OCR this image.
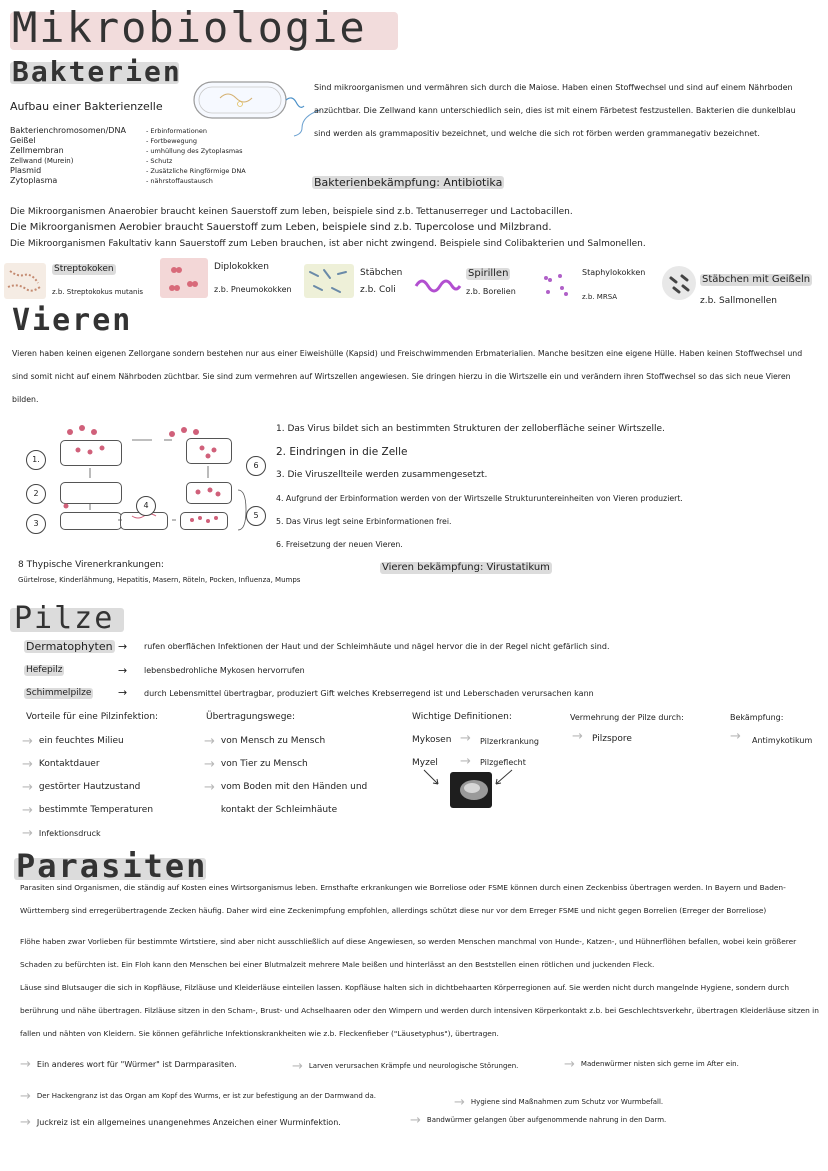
Mikrobiologie
Bakterien
Aufbau einer Bakterienzelle
Bakterienchromosomen/DNA	- Erbinformationen
Geißel	- Fortbewegung
Zellmembran	- umhüllung des Zytoplasmas
Zellwand (Murein)	- Schutz
Plasmid	- Zusätzliche Ringförmige DNA
Zytoplasma	- nährstoffaustausch
Sind mikroorganismen und vermähren sich durch die Maiose. Haben einen Stoffwechsel und sind auf einem Nährboden anzüchtbar. Die Zellwand kann unterschiedlich sein, dies ist mit einem Färbetest festzustellen. Bakterien die dunkelblau sind werden als grammapositiv bezeichnet, und welche die sich rot förben werden grammanegativ bezeichnet.
Bakterienbekämpfung: Antibiotika
Die Mikroorganismen Anaerobier braucht keinen Sauerstoff zum leben, beispiele sind z.b. Tettanuserreger und Lactobacillen.
Die Mikroorganismen Aerobier braucht Sauerstoff zum Leben, beispiele sind z.b. Tupercolose und Milzbrand.
Die Mikroorganismen Fakultativ kann Sauerstoff zum Leben brauchen, ist aber nicht zwingend. Beispiele sind Colibakterien und Salmonellen.
Streptokoken
z.b. Streptokokus mutanis
Diplokokken
z.b. Pneumokokken
Stäbchen
z.b. Coli
Spirillen
z.b. Borelien
Staphylokokken
z.b. MRSA
Stäbchen mit Geißeln
z.b. Sallmonellen
Vieren
Vieren haben keinen eigenen Zellorgane sondern bestehen nur aus einer Eiweishülle (Kapsid) und Freischwimmenden Erbmaterialien. Manche besitzen eine eigene Hülle. Haben keinen Stoffwechsel und sind somit nicht auf einem Nährboden züchtbar. Sie sind zum vermehren auf Wirtszellen angewiesen. Sie dringen hierzu in die Wirtszelle ein und verändern ihren Stoffwechsel so das sich neue Vieren bilden.
1.
2
3
4
5
6
1. Das Virus bildet sich an bestimmten Strukturen der zelloberfläche seiner Wirtszelle.
2. Eindringen in die Zelle
3. Die Viruszellteile werden zusammengesetzt.
4. Aufgrund der Erbinformation werden von der Wirtszelle Strukturuntereinheiten von Vieren produziert.
5. Das Virus legt seine Erbinformationen frei.
6. Freisetzung der neuen Vieren.
8 Thypische Virenerkrankungen:
Gürtelrose, Kinderlähmung, Hepatitis, Masern, Röteln, Pocken, Influenza, Mumps
Vieren bekämpfung: Virustatikum
Pilze
Dermatophyten → rufen oberflächen Infektionen der Haut und der Schleimhäute und nägel hervor die in der Regel nicht gefärlich sind.
Hefepilz	→ lebensbedrohliche Mykosen hervorrufen
Schimmelpilze → durch Lebensmittel übertragbar, produziert Gift welches Krebserregend ist und Leberschaden verursachen kann
Vorteile für eine Pilzinfektion:
→ ein feuchtes Milieu
→ Kontaktdauer
→ gestörter Hautzustand
→ bestimmte Temperaturen
→ Infektionsdruck
Übertragungswege:
→ von Mensch zu Mensch
→ von Tier zu Mensch
→ vom Boden mit den Händen und kontakt der Schleimhäute
Wichtige Definitionen:
Mykosen → Pilzerkrankung
Myzel → Pilzgeflecht
Vermehrung der Pilze durch:
→ Pilzspore
Bekämpfung:
→ Antimykotikum
Parasiten
Parasiten sind Organismen, die ständig auf Kosten eines Wirtsorganismus leben. Ernsthafte erkrankungen wie Borreliose oder FSME können durch einen Zeckenbiss übertragen werden. In Bayern und Baden-Württemberg sind erregerübertragende Zecken häufig. Daher wird eine Zeckenimpfung empfohlen, allerdings schützt diese nur vor dem Erreger FSME und nicht gegen Borrelien (Erreger der Borreliose)
Flöhe haben zwar Vorlieben für bestimmte Wirtstiere, sind aber nicht ausschließlich auf diese Angewiesen, so werden Menschen manchmal von Hunde-, Katzen-, und Hühnerflöhen befallen, wobei kein größerer Schaden zu befürchten ist. Ein Floh kann den Menschen bei einer Blutmalzeit mehrere Male beißen und hinterlässt an den Beststellen einen rötlichen und juckenden Fleck.
Läuse sind Blutsauger die sich in Kopfläuse, Filzläuse und Kleiderläuse einteilen lassen. Kopfläuse halten sich in dichtbehaarten Körperregionen auf. Sie werden nicht durch mangelnde Hygiene, sondern durch berührung und nähe übertragen. Filzläuse sitzen in den Scham-, Brust- und Achselhaaren oder den Wimpern und werden durch intensiven Körperkontakt z.b. bei Geschlechtsverkehr, übertragen Kleiderläuse sitzen in fallen und nähten von Kleidern. Sie können gefährliche Infektionskrankheiten wie z.b. Fleckenfieber ("Läusetyphus"), übertragen.
→ Ein anderes wort für "Würmer" ist Darmparasiten.	→ Larven verursachen Krämpfe und neurologische Störungen.	→ Madenwürmer nisten sich gerne im After ein.
→ Der Hackengranz ist das Organ am Kopf des Wurms, er ist zur befestigung an der Darmwand da.	→ Hygiene sind Maßnahmen zum Schutz vor Wurmbefall.
→ Juckreiz ist ein allgemeines unangenehmes Anzeichen einer Wurminfektion.	→ Bandwürmer gelangen über aufgenommende nahrung in den Darm.
